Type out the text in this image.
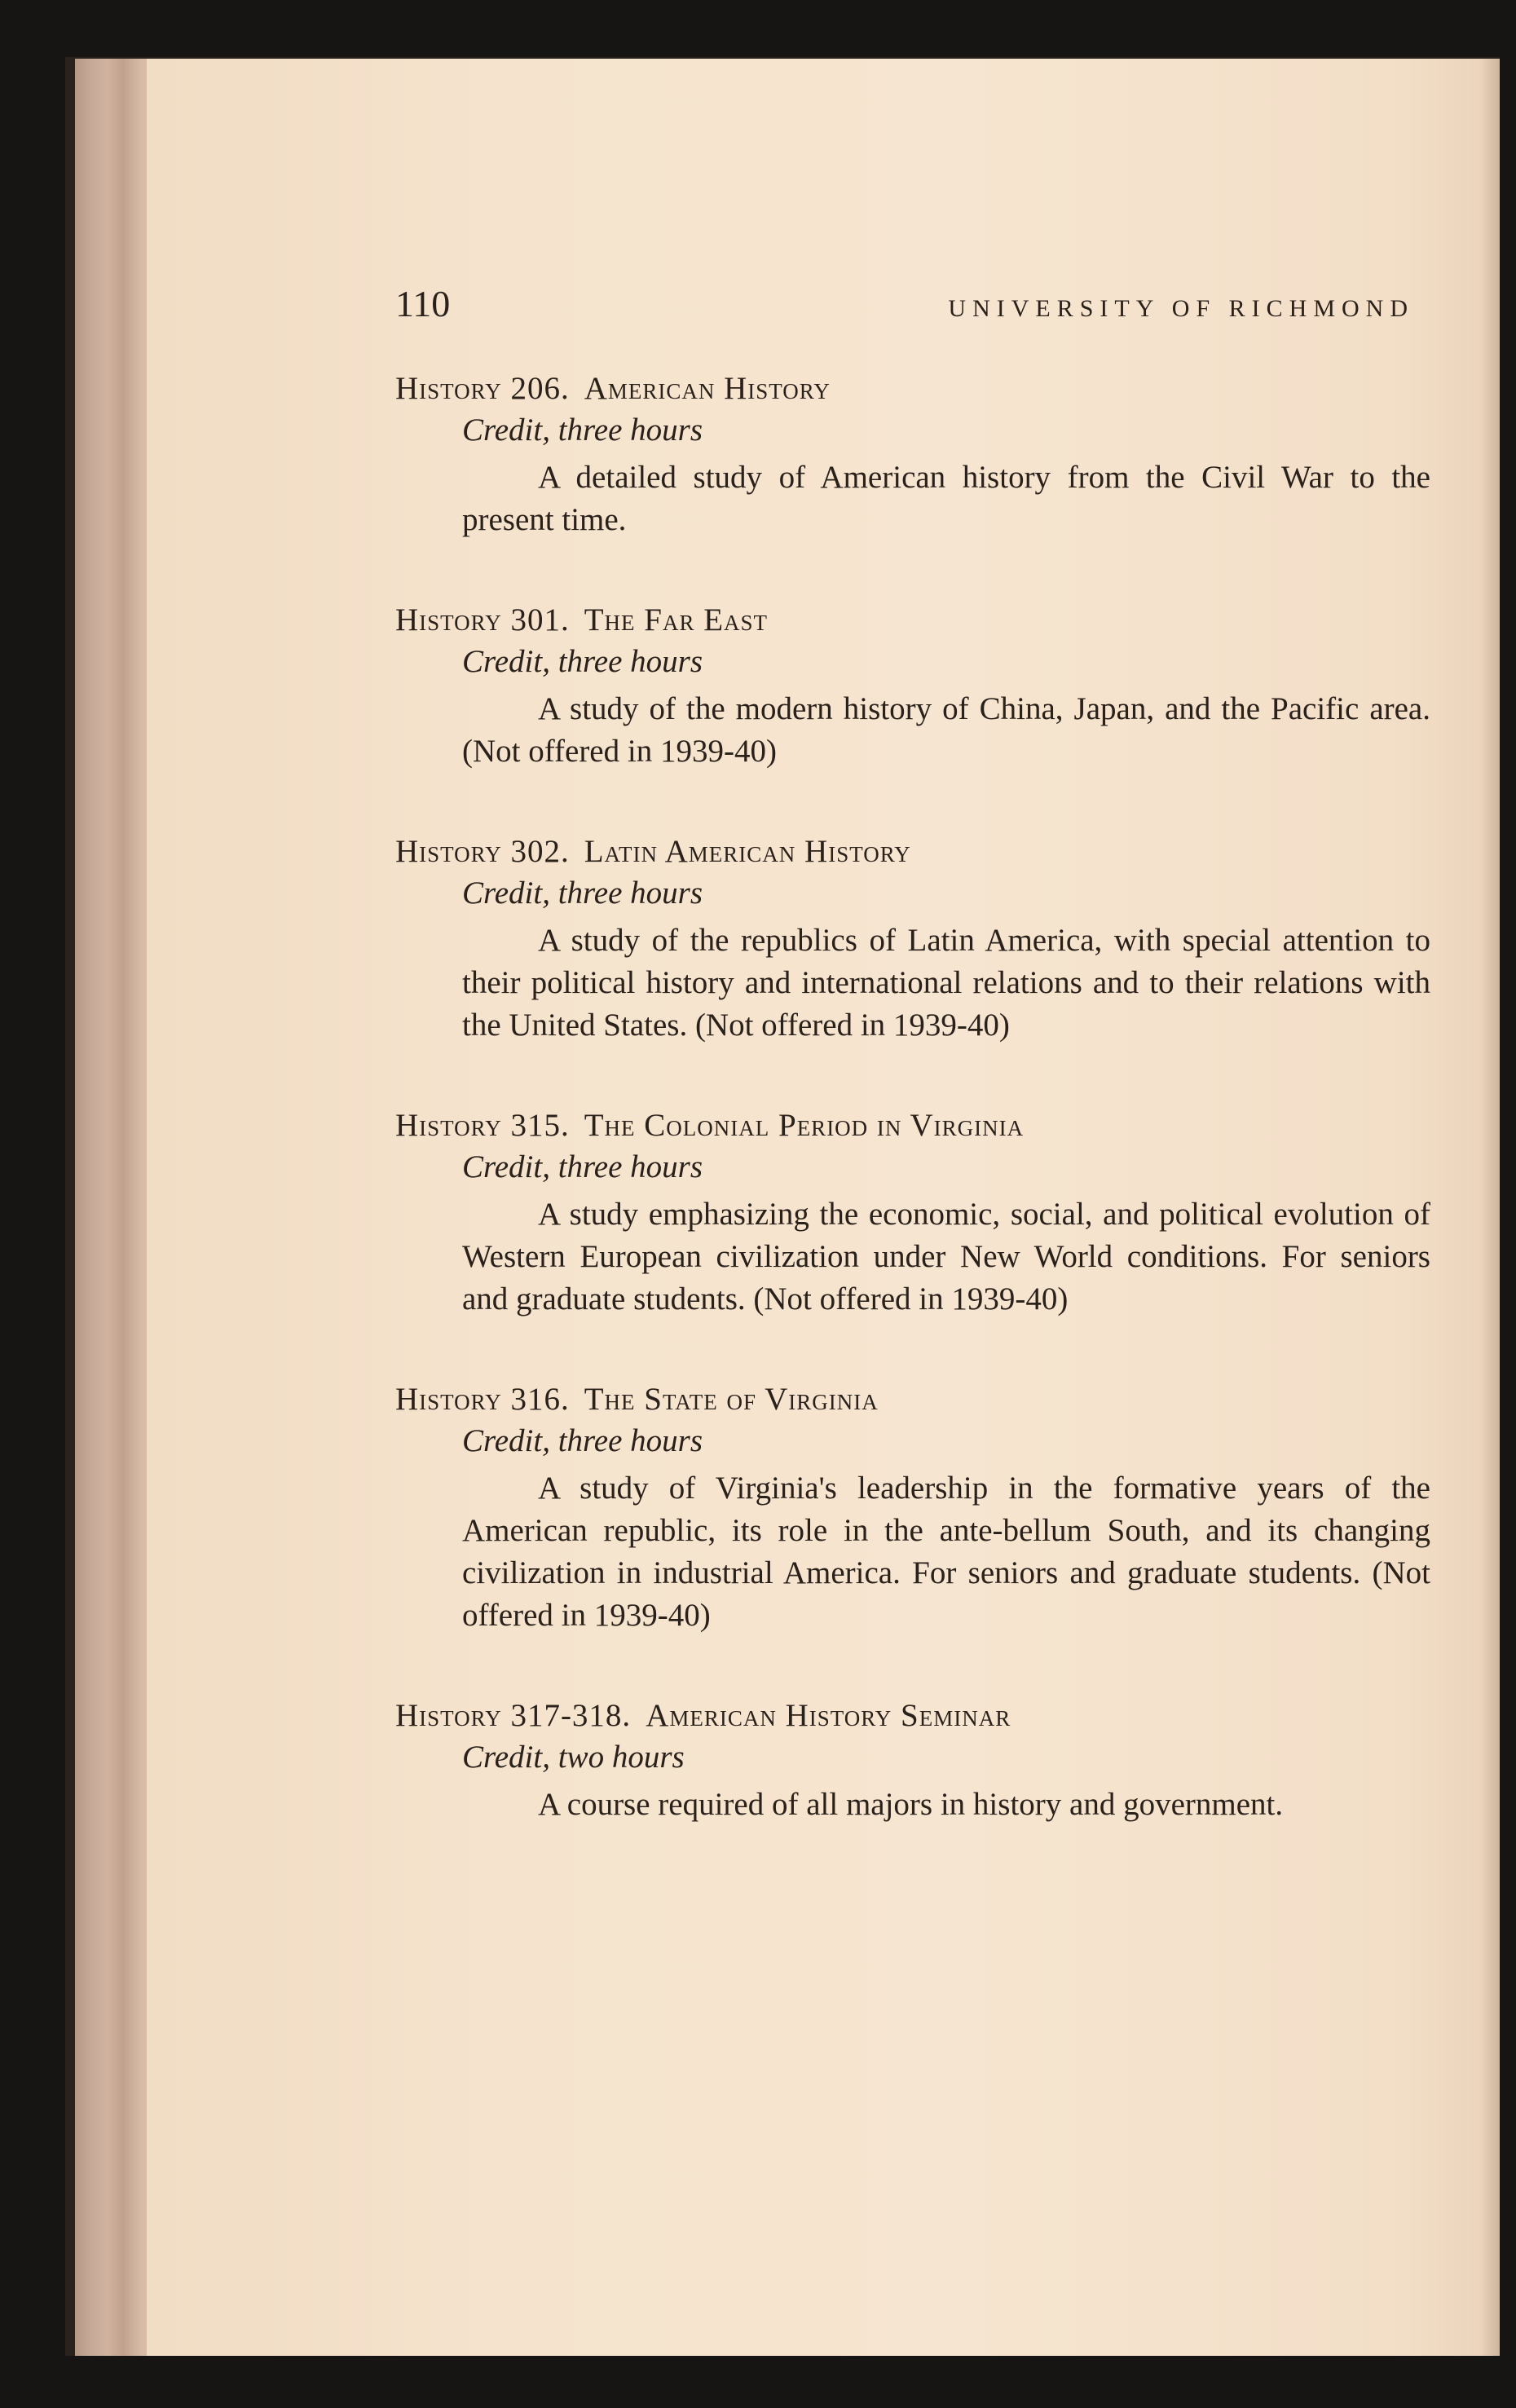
110	UNIVERSITY OF RICHMOND
History 206. American History
Credit, three hours
A detailed study of American history from the Civil War to the present time.
History 301. The Far East
Credit, three hours
A study of the modern history of China, Japan, and the Pacific area. (Not offered in 1939-40)
History 302. Latin American History
Credit, three hours
A study of the republics of Latin America, with special attention to their political history and international relations and to their relations with the United States. (Not offered in 1939-40)
History 315. The Colonial Period in Virginia
Credit, three hours
A study emphasizing the economic, social, and political evolution of Western European civilization under New World conditions. For seniors and graduate students. (Not offered in 1939-40)
History 316. The State of Virginia
Credit, three hours
A study of Virginia's leadership in the formative years of the American republic, its role in the ante-bellum South, and its changing civilization in industrial America. For seniors and graduate students. (Not offered in 1939-40)
History 317-318. American History Seminar
Credit, two hours
A course required of all majors in history and government.
